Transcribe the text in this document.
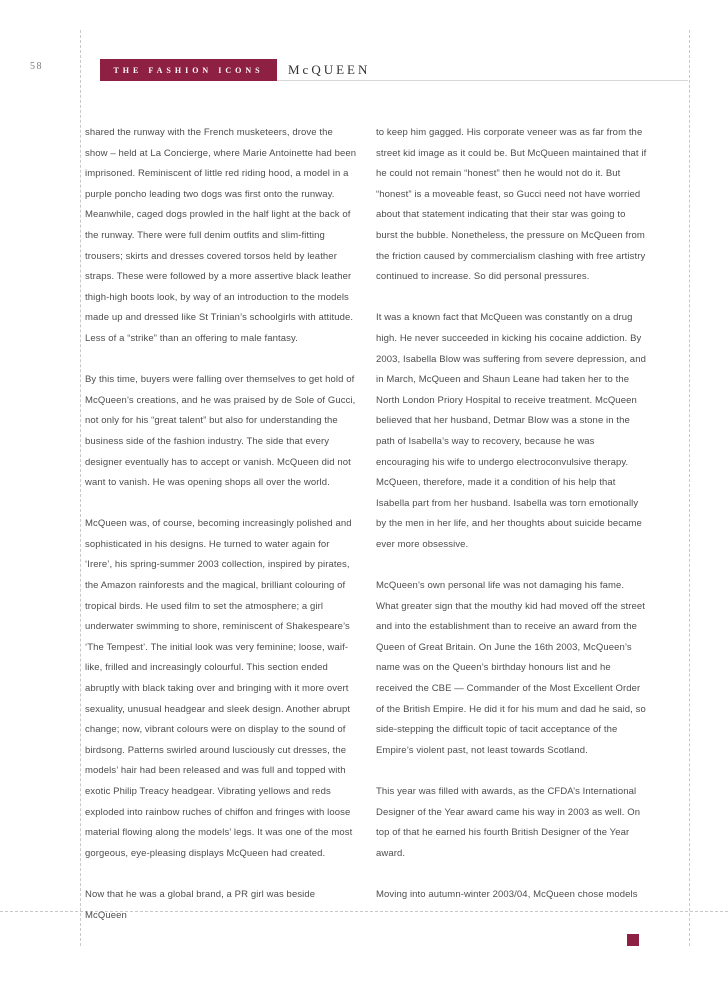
58	THE FASHION ICONS McQUEEN

shared the runway with the French musketeers, drove the show – held at La Concierge, where Marie Antoinette had been imprisoned. Reminiscent of little red riding hood, a model in a purple poncho leading two dogs was first onto the runway. Meanwhile, caged dogs prowled in the half light at the back of the runway. There were full denim outfits and slim-fitting trousers; skirts and dresses covered torsos held by leather straps. These were followed by a more assertive black leather thigh-high boots look, by way of an introduction to the models made up and dressed like St Trinian’s schoolgirls with attitude. Less of a “strike” than an offering to male fantasy.

By this time, buyers were falling over themselves to get hold of McQueen’s creations, and he was praised by de Sole of Gucci, not only for his “great talent” but also for understanding the business side of the fashion industry. The side that every designer eventually has to accept or vanish. McQueen did not want to vanish. He was opening shops all over the world.

McQueen was, of course, becoming increasingly polished and sophisticated in his designs. He turned to water again for ‘Irere’, his spring-summer 2003 collection, inspired by pirates, the Amazon rainforests and the magical, brilliant colouring of tropical birds. He used film to set the atmosphere; a girl underwater swimming to shore, reminiscent of Shakespeare’s ‘The Tempest’. The initial look was very feminine; loose, waif-like, frilled and increasingly colourful. This section ended abruptly with black taking over and bringing with it more overt sexuality, unusual headgear and sleek design. Another abrupt change; now, vibrant colours were on display to the sound of birdsong. Patterns swirled around lusciously cut dresses, the models’ hair had been released and was full and topped with exotic Philip Treacy headgear. Vibrating yellows and reds exploded into rainbow ruches of chiffon and fringes with loose material flowing along the models’ legs. It was one of the most gorgeous, eye-pleasing displays McQueen had created.

Now that he was a global brand, a PR girl was beside McQueen

to keep him gagged. His corporate veneer was as far from the street kid image as it could be. But McQueen maintained that if he could not remain “honest” then he would not do it. But “honest” is a moveable feast, so Gucci need not have worried about that statement indicating that their star was going to burst the bubble. Nonetheless, the pressure on McQueen from the friction caused by commercialism clashing with free artistry continued to increase. So did personal pressures.

It was a known fact that McQueen was constantly on a drug high. He never succeeded in kicking his cocaine addiction. By 2003, Isabella Blow was suffering from severe depression, and in March, McQueen and Shaun Leane had taken her to the North London Priory Hospital to receive treatment. McQueen believed that her husband, Detmar Blow was a stone in the path of Isabella’s way to recovery, because he was encouraging his wife to undergo electroconvulsive therapy. McQueen, therefore, made it a condition of his help that Isabella part from her husband. Isabella was torn emotionally by the men in her life, and her thoughts about suicide became ever more obsessive.

McQueen’s own personal life was not damaging his fame. What greater sign that the mouthy kid had moved off the street and into the establishment than to receive an award from the Queen of Great Britain. On June the 16th 2003, McQueen’s name was on the Queen’s birthday honours list and he received the CBE — Commander of the Most Excellent Order of the British Empire. He did it for his mum and dad he said, so side-stepping the difficult topic of tacit acceptance of the Empire’s violent past, not least towards Scotland.

This year was filled with awards, as the CFDA’s International Designer of the Year award came his way in 2003 as well. On top of that he earned his fourth British Designer of the Year award.

Moving into autumn-winter 2003/04, McQueen chose models
